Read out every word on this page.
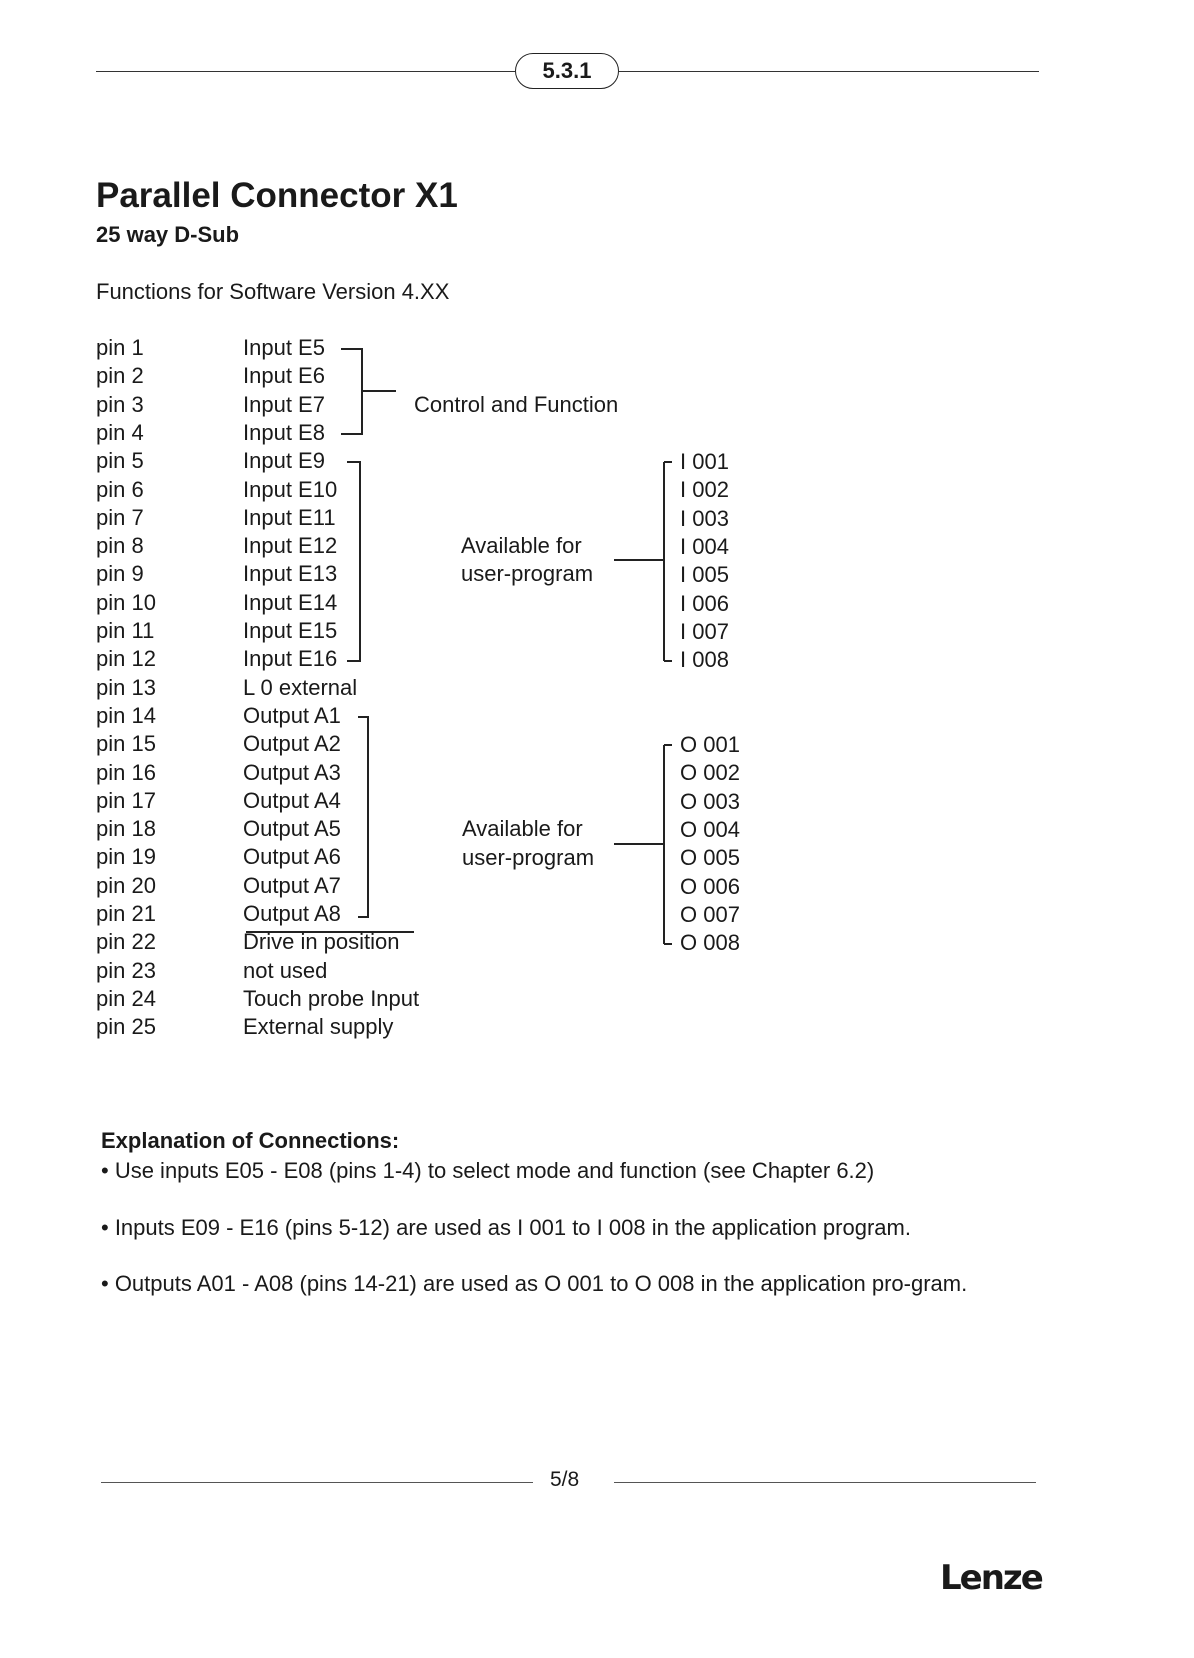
5.3.1
Parallel Connector X1
25 way D-Sub
Functions for Software Version 4.XX
pin 1	Input E5
pin 2	Input E6
pin 3	Input E7
pin 4	Input E8
pin 5	Input E9
pin 6	Input E10
pin 7	Input E11
pin 8	Input E12
pin 9	Input E13
pin 10	Input E14
pin 11	Input E15
pin 12	Input E16
pin 13	L 0 external
pin 14	Output A1
pin 15	Output A2
pin 16	Output A3
pin 17	Output A4
pin 18	Output A5
pin 19	Output A6
pin 20	Output A7
pin 21	Output A8
pin 22	Drive in position
pin 23	not used
pin 24	Touch probe Input
pin 25	External supply
Control and Function
Available for
user-program
Available for
user-program
I 001
I 002
I 003
I 004
I 005
I 006
I 007
I 008
O 001
O 002
O 003
O 004
O 005
O 006
O 007
O 008
Explanation of Connections:
• Use inputs E05 - E08 (pins 1-4) to select mode and function (see Chapter 6.2)
• Inputs E09 - E16 (pins 5-12) are used as I 001 to I 008 in the application program.
• Outputs A01 - A08 (pins 14-21) are used as O 001 to O 008 in the application pro-gram.
5/8
Lenze
